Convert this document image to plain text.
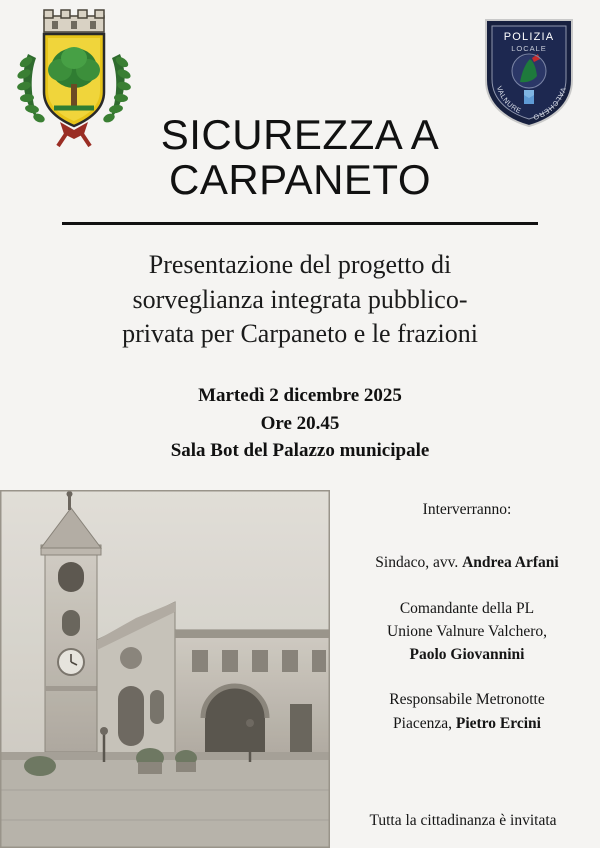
POLIZIA
LOCALE
VALNURE
VALCHERO
SICUREZZA A
CARPANETO
Presentazione del progetto di
sorveglianza integrata pubblico-
privata per Carpaneto e le frazioni
Martedì 2 dicembre 2025
Ore 20.45
Sala Bot del Palazzo municipale
Interverranno:
Sindaco, avv. Andrea Arfani
Comandante della PL
Unione Valnure Valchero,
Paolo Giovannini
Responsabile Metronotte
Piacenza, Pietro Ercini
Tutta la cittadinanza è invitata
